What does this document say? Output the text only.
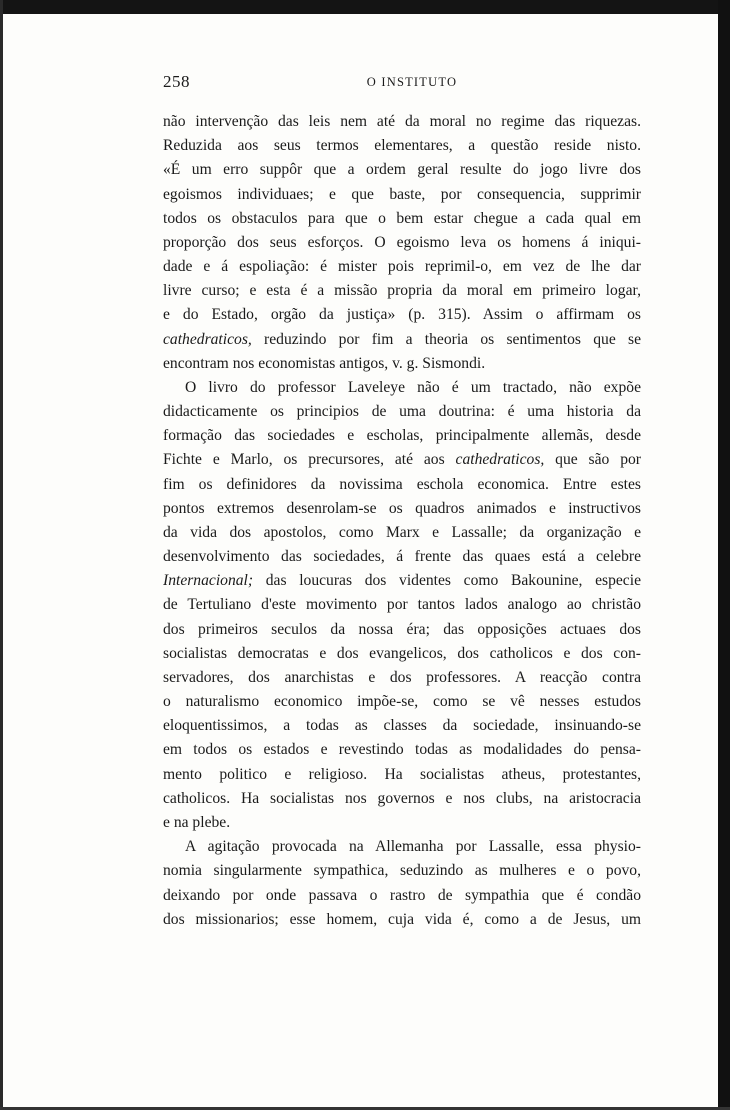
258	O INSTITUTO
não intervenção das leis nem até da moral no regime das riquezas.
Reduzida aos seus termos elementares, a questão reside nisto.
«É um erro suppôr que a ordem geral resulte do jogo livre dos
egoismos individuaes; e que baste, por consequencia, supprimir
todos os obstaculos para que o bem estar chegue a cada qual em
proporção dos seus esforços. O egoismo leva os homens á iniqui-
dade e á espoliação: é mister pois reprimil-o, em vez de lhe dar
livre curso; e esta é a missão propria da moral em primeiro logar,
e do Estado, orgão da justiça» (p. 315). Assim o affirmam os
cathedraticos, reduzindo por fim a theoria os sentimentos que se
encontram nos economistas antigos, v. g. Sismondi.
O livro do professor Laveleye não é um tractado, não expõe
didacticamente os principios de uma doutrina: é uma historia da
formação das sociedades e escholas, principalmente allemãs, desde
Fichte e Marlo, os precursores, até aos cathedraticos, que são por
fim os definidores da novissima eschola economica. Entre estes
pontos extremos desenrolam-se os quadros animados e instructivos
da vida dos apostolos, como Marx e Lassalle; da organização e
desenvolvimento das sociedades, á frente das quaes está a celebre
Internacional; das loucuras dos videntes como Bakounine, especie
de Tertuliano d'este movimento por tantos lados analogo ao christão
dos primeiros seculos da nossa éra; das opposições actuaes dos
socialistas democratas e dos evangelicos, dos catholicos e dos con-
servadores, dos anarchistas e dos professores. A reacção contra
o naturalismo economico impõe-se, como se vê nesses estudos
eloquentissimos, a todas as classes da sociedade, insinuando-se
em todos os estados e revestindo todas as modalidades do pensa-
mento politico e religioso. Ha socialistas atheus, protestantes,
catholicos. Ha socialistas nos governos e nos clubs, na aristocracia
e na plebe.
A agitação provocada na Allemanha por Lassalle, essa physio-
nomia singularmente sympathica, seduzindo as mulheres e o povo,
deixando por onde passava o rastro de sympathia que é condão
dos missionarios; esse homem, cuja vida é, como a de Jesus, um
